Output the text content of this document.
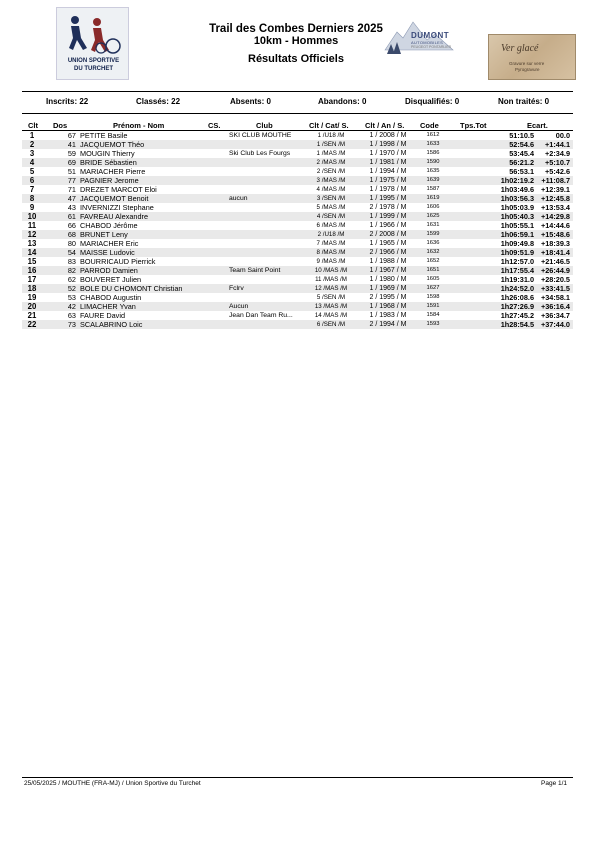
UNION SPORTIVE
DU TURCHET
Trail des Combes Derniers 2025
10km - Hommes
Résultats Officiels
DUMONT
AUTOMOBILES
PEUGEOT PONTARLIER	Ver glacé
Gravure sur verre
Pyrogravure
Inscrits: 22	Classés: 22	Absents: 0	Abandons: 0	Disqualifiés: 0	Non traités: 0
Clt Dos	Prénom - Nom	CS.	Club	Clt / Cat/ S. Clt / An / S. Code	Tps.Tot	Ecart.
1	67 PETITE Basile	SKI CLUB MOUTHE	1 /U18 /M	1 / 2008 / M	1612	51:10.5	00.0
2	41 JACQUEMOT Théo	1 /SEN /M	1 / 1998 / M	1633	52:54.6	+1:44.1
3	59 MOUGIN Thierry	Ski Club Les Fourgs	1 /MAS /M	1 / 1970 / M	1586	53:45.4	+2:34.9
4	69 BRIDE Sébastien	2 /MAS /M	1 / 1981 / M	1590	56:21.2	+5:10.7
5	51 MARIACHER Pierre	2 /SEN /M	1 / 1994 / M	1635	56:53.1	+5:42.6
6	77 PAGNIER Jerome	3 /MAS /M	1 / 1975 / M	1639	1h02:19.2	+11:08.7
7	71 DREZET MARCOT Eloi	4 /MAS /M	1 / 1978 / M	1587	1h03:49.6 +12:39.1
8	47 JACQUEMOT Benoit	aucun	3 /SEN /M	1 / 1995 / M	1619	1h03:56.3 +12:45.8
9	43 INVERNIZZI Stephane	5 /MAS /M	2 / 1978 / M	1606	1h05:03.9 +13:53.4
10	61 FAVREAU Alexandre	4 /SEN /M	1 / 1999 / M	1625	1h05:40.3 +14:29.8
11	66 CHABOD Jérôme	6 /MAS /M	1 / 1966 / M	1631	1h05:55.1 +14:44.6
12	68 BRUNET Leny	2 /U18 /M	2 / 2008 / M	1599	1h06:59.1 +15:48.6
13	80 MARIACHER Eric	7 /MAS /M	1 / 1965 / M	1636	1h09:49.8 +18:39.3
14	54 MAISSE Ludovic	8 /MAS /M	2 / 1966 / M	1632	1h09:51.9 +18:41.4
15	83 BOURRICAUD Pierrick	9 /MAS /M	1 / 1988 / M	1652	1h12:57.0 +21:46.5
16	82 PARROD Damien	Team Saint Point	10 /MAS /M	1 / 1967 / M	1651	1h17:55.4 +26:44.9
17	62 BOUVERET Julien	11 /MAS /M	1 / 1980 / M	1605	1h19:31.0 +28:20.5
18	52 BOLE DU CHOMONT Christian	Fclrv	12 /MAS /M	1 / 1969 / M	1627	1h24:52.0 +33:41.5
19	53 CHABOD Augustin	5 /SEN /M	2 / 1995 / M	1598	1h26:08.6 +34:58.1
20	42 LIMACHER Yvan	Aucun	13 /MAS /M	1 / 1968 / M	1591	1h27:26.9 +36:16.4
21	63 FAURE David	Jean Dan Team Ru...	14 /MAS /M	1 / 1983 / M	1584	1h27:45.2 +36:34.7
22	73 SCALABRINO Loic	6 /SEN /M	2 / 1994 / M	1593	1h28:54.5 +37:44.0
25/05/2025 / MOUTHE (FRA-MJ) / Union Sportive du Turchet	Page 1/1
